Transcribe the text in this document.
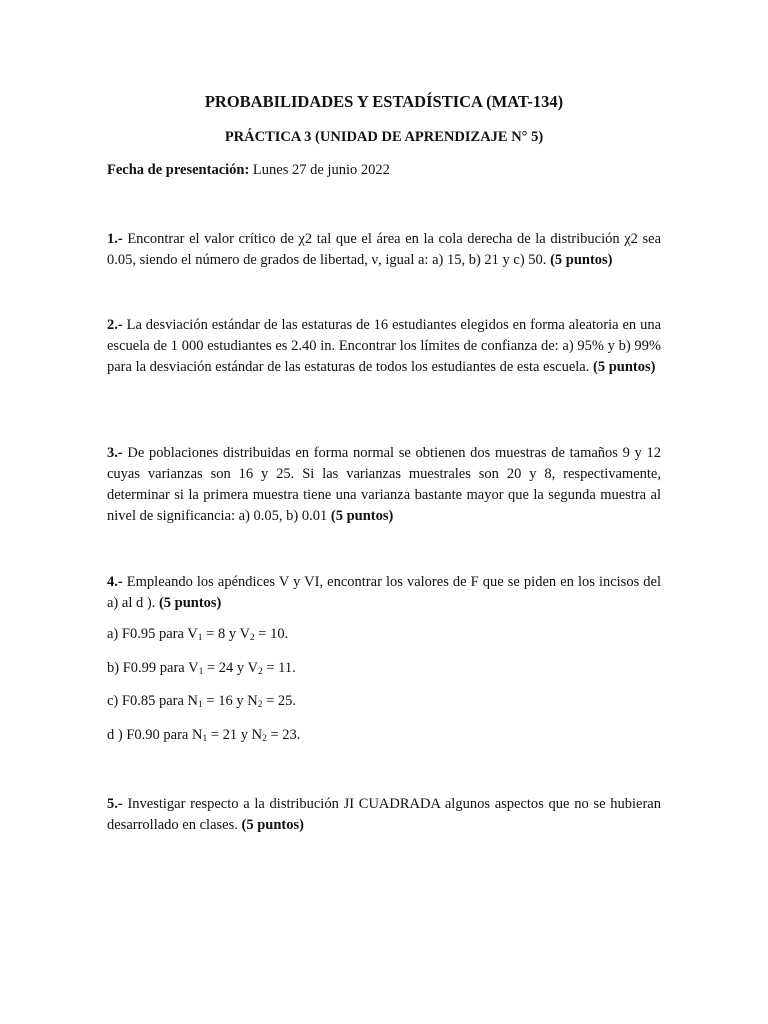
PROBABILIDADES Y ESTADÍSTICA (MAT-134)
PRÁCTICA 3 (UNIDAD DE APRENDIZAJE N° 5)
Fecha de presentación: Lunes 27 de junio 2022
1.- Encontrar el valor crítico de χ2 tal que el área en la cola derecha de la distribución χ2 sea 0.05, siendo el número de grados de libertad, ν, igual a: a) 15, b) 21 y c) 50. (5 puntos)
2.- La desviación estándar de las estaturas de 16 estudiantes elegidos en forma aleatoria en una escuela de 1 000 estudiantes es 2.40 in. Encontrar los límites de confianza de: a) 95% y b) 99% para la desviación estándar de las estaturas de todos los estudiantes de esta escuela. (5 puntos)
3.- De poblaciones distribuidas en forma normal se obtienen dos muestras de tamaños 9 y 12 cuyas varianzas son 16 y 25. Si las varianzas muestrales son 20 y 8, respectivamente, determinar si la primera muestra tiene una varianza bastante mayor que la segunda muestra al nivel de significancia: a) 0.05, b) 0.01 (5 puntos)
4.- Empleando los apéndices V y VI, encontrar los valores de F que se piden en los incisos del a) al d ). (5 puntos)
a) F0.95 para $V_1 = 8$ y $V_2 = 10$.
b) F0.99 para $V_1 = 24$ y $V_2 = 11$.
c) F0.85 para $N_1 = 16$ y $N_2 = 25$.
d ) F0.90 para $N_1 = 21$ y $N_2 = 23$.
5.- Investigar respecto a la distribución JI CUADRADA algunos aspectos que no se hubieran desarrollado en clases. (5 puntos)
